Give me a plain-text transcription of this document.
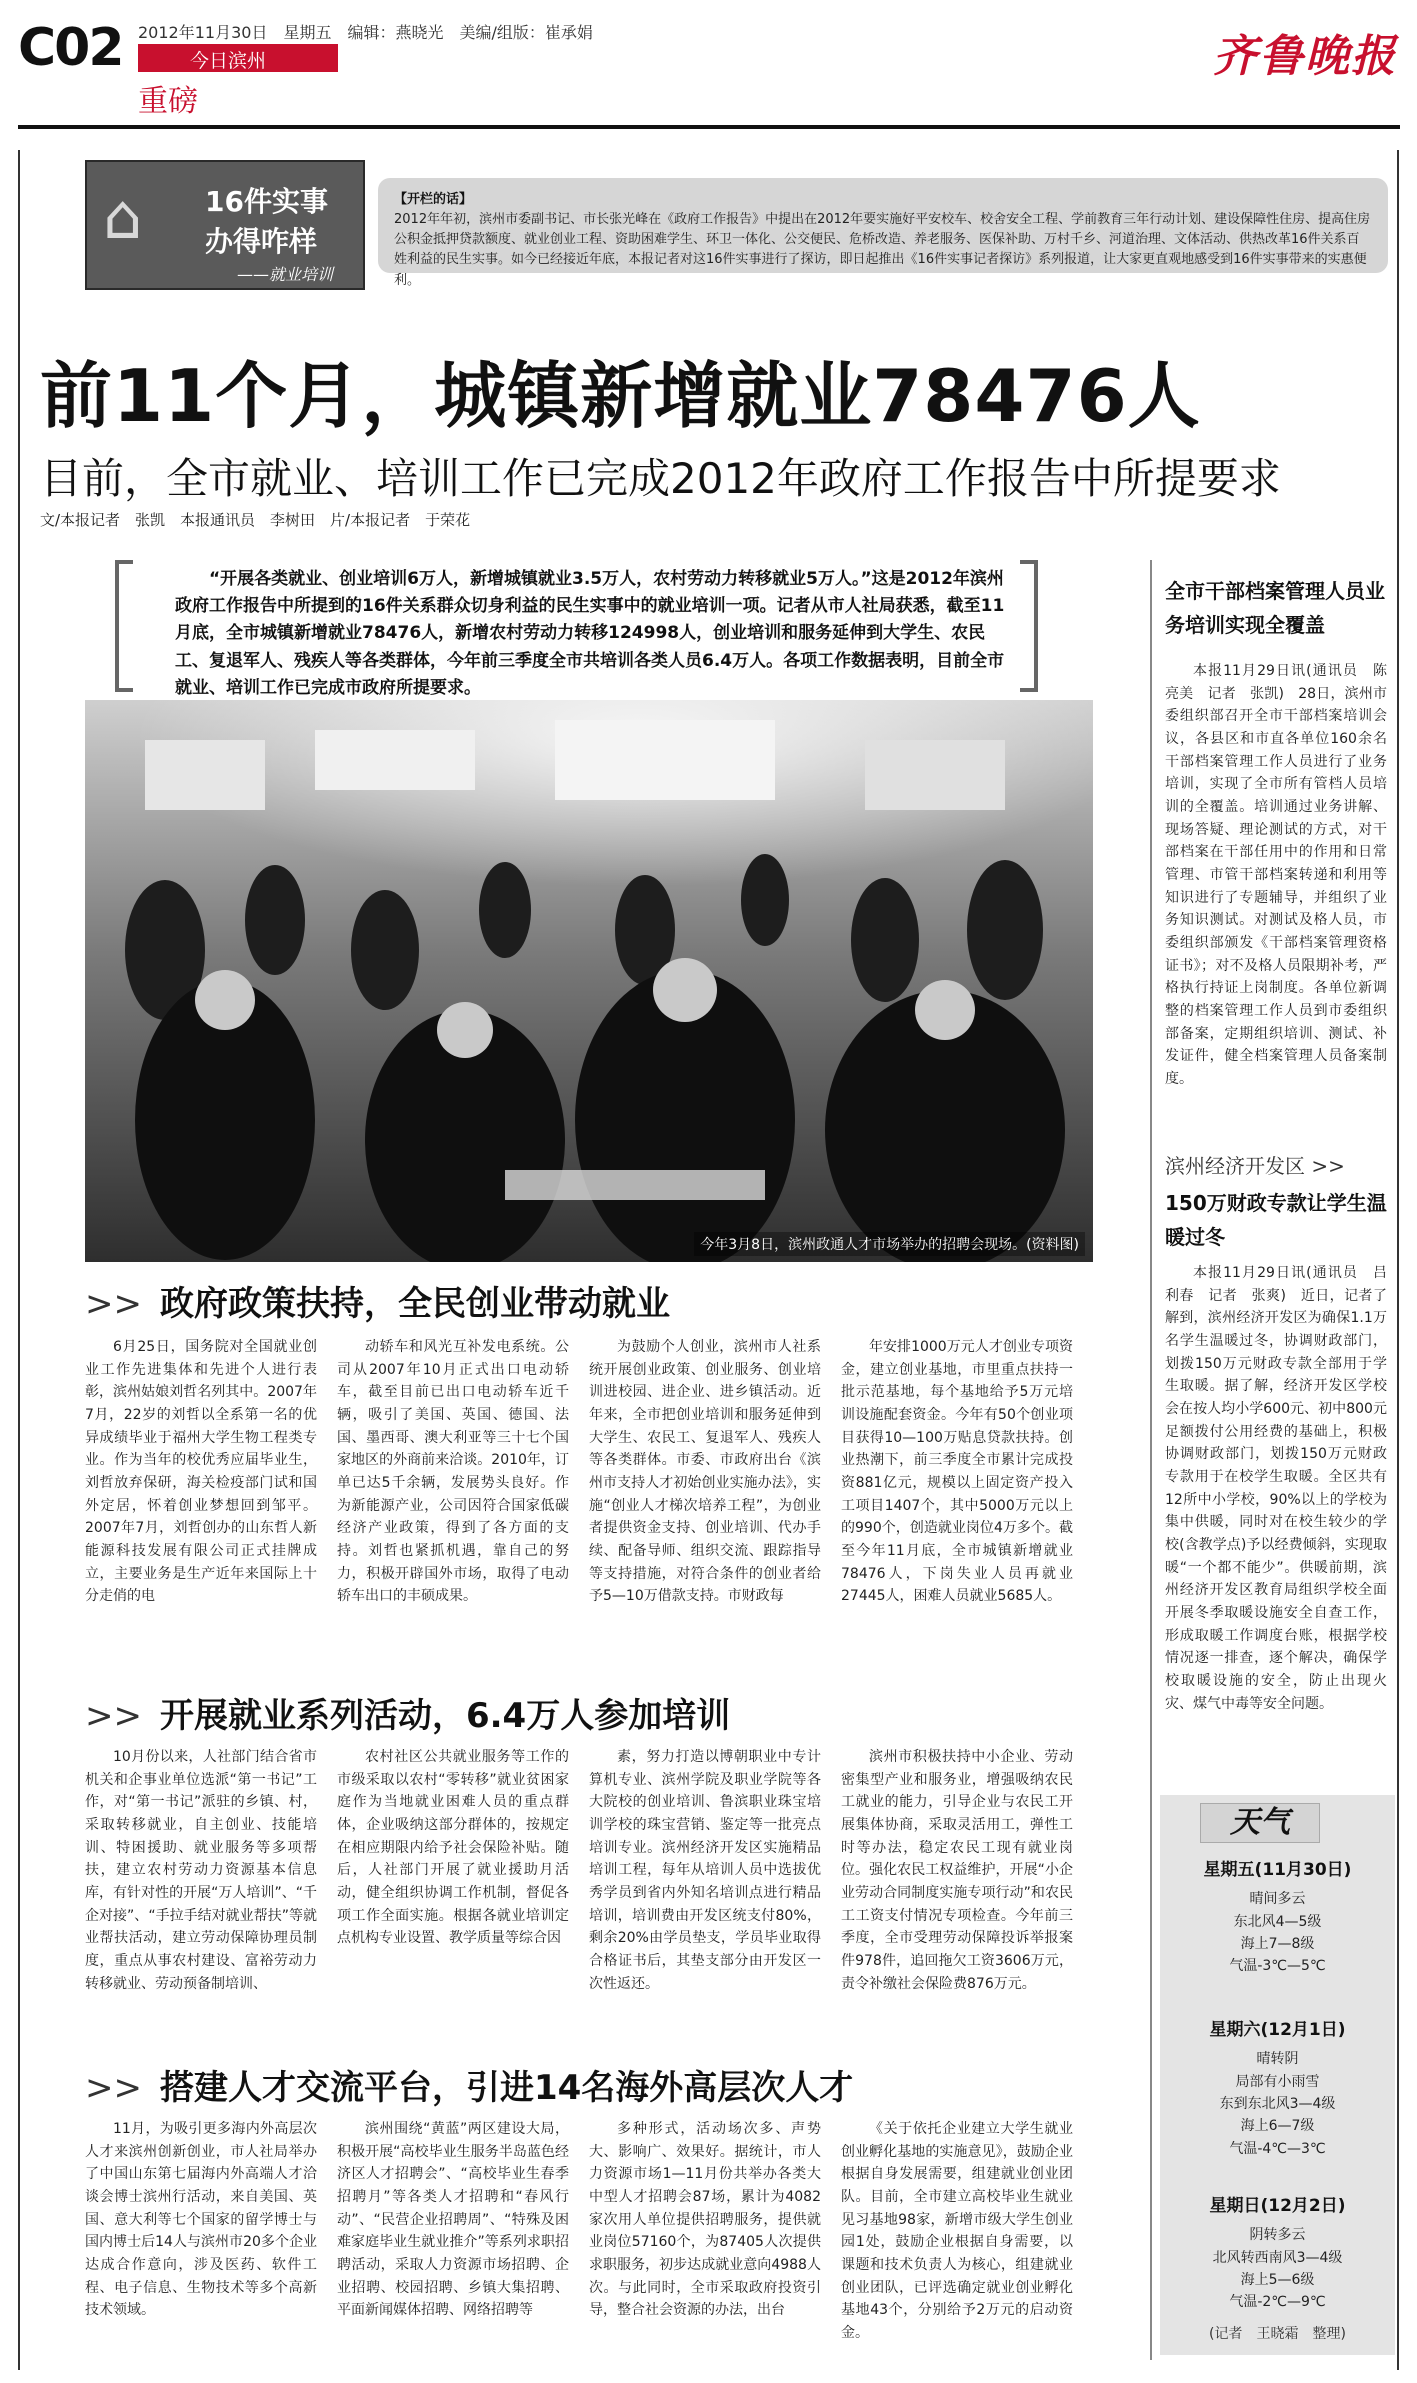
C02 2012年11月30日　星期五　编辑：燕晓光　美编/组版：崔承娟
今日滨州
重磅
齐鲁晚报
⌂ 16件实事
办得咋样
——就业培训
【开栏的话】
2012年年初，滨州市委副书记、市长张光峰在《政府工作报告》中提出在2012年要实施好平安校车、校舍安全工程、学前教育三年行动计划、建设保障性住房、提高住房公积金抵押贷款额度、就业创业工程、资助困难学生、环卫一体化、公交便民、危桥改造、养老服务、医保补助、万村千乡、河道治理、文体活动、供热改革16件关系百姓利益的民生实事。如今已经接近年底，本报记者对这16件实事进行了探访，即日起推出《16件实事记者探访》系列报道，让大家更直观地感受到16件实事带来的实惠便利。
前11个月，城镇新增就业78476人
目前，全市就业、培训工作已完成2012年政府工作报告中所提要求
文/本报记者　张凯　本报通讯员　李树田　片/本报记者　于荣花
“开展各类就业、创业培训6万人，新增城镇就业3.5万人，农村劳动力转移就业5万人。”这是2012年滨州政府工作报告中所提到的16件关系群众切身利益的民生实事中的就业培训一项。记者从市人社局获悉，截至11月底，全市城镇新增就业78476人，新增农村劳动力转移124998人，创业培训和服务延伸到大学生、农民工、复退军人、残疾人等各类群体，今年前三季度全市共培训各类人员6.4万人。各项工作数据表明，目前全市就业、培训工作已完成市政府所提要求。
今年3月8日，滨州政通人才市场举办的招聘会现场。(资料图)
>> 政府政策扶持，全民创业带动就业

6月25日，国务院对全国就业创业工作先进集体和先进个人进行表彰，滨州姑娘刘哲名列其中。2007年7月，22岁的刘哲以全系第一名的优异成绩毕业于福州大学生物工程类专业。作为当年的校优秀应届毕业生，刘哲放弃保研，海关检疫部门试和国外定居，怀着创业梦想回到邹平。2007年7月，刘哲创办的山东哲人新能源科技发展有限公司正式挂牌成立，主要业务是生产近年来国际上十分走俏的电

动轿车和风光互补发电系统。公司从2007年10月正式出口电动轿车，截至目前已出口电动轿车近千辆，吸引了美国、英国、德国、法国、墨西哥、澳大利亚等三十七个国家地区的外商前来洽谈。2010年，订单已达5千余辆，发展势头良好。作为新能源产业，公司因符合国家低碳经济产业政策，得到了各方面的支持。刘哲也紧抓机遇，靠自己的努力，积极开辟国外市场，取得了电动轿车出口的丰硕成果。

为鼓励个人创业，滨州市人社系统开展创业政策、创业服务、创业培训进校园、进企业、进乡镇活动。近年来，全市把创业培训和服务延伸到大学生、农民工、复退军人、残疾人等各类群体。市委、市政府出台《滨州市支持人才初始创业实施办法》，实施“创业人才梯次培养工程”，为创业者提供资金支持、创业培训、代办手续、配备导师、组织交流、跟踪指导等支持措施，对符合条件的创业者给予5—10万借款支持。市财政每

年安排1000万元人才创业专项资金，建立创业基地，市里重点扶持一批示范基地，每个基地给予5万元培训设施配套资金。今年有50个创业项目获得10—100万贴息贷款扶持。创业热潮下，前三季度全市累计完成投资881亿元，规模以上固定资产投入工项目1407个，其中5000万元以上的990个，创造就业岗位4万多个。截至今年11月底，全市城镇新增就业78476人，下岗失业人员再就业27445人，困难人员就业5685人。

>> 开展就业系列活动，6.4万人参加培训

10月份以来，人社部门结合省市机关和企事业单位选派“第一书记”工作，对“第一书记”派驻的乡镇、村，采取转移就业，自主创业、技能培训、特困援助、就业服务等多项帮扶，建立农村劳动力资源基本信息库，有针对性的开展“万人培训”、“千企对接”、“手拉手结对就业帮扶”等就业帮扶活动，建立劳动保障协理员制度，重点从事农村建设、富裕劳动力转移就业、劳动预备制培训、

农村社区公共就业服务等工作的市级采取以农村“零转移”就业贫困家庭作为当地就业困难人员的重点群体，企业吸纳这部分群体的，按规定在相应期限内给予社会保险补贴。随后，人社部门开展了就业援助月活动，健全组织协调工作机制，督促各项工作全面实施。根据各就业培训定点机构专业设置、教学质量等综合因

素，努力打造以博朝职业中专计算机专业、滨州学院及职业学院等各大院校的创业培训、鲁滨职业珠宝培训学校的珠宝营销、鉴定等一批亮点培训专业。滨州经济开发区实施精品培训工程，每年从培训人员中选拔优秀学员到省内外知名培训点进行精品培训，培训费由开发区统支付80%，剩余20%由学员垫支，学员毕业取得合格证书后，其垫支部分由开发区一次性返还。

滨州市积极扶持中小企业、劳动密集型产业和服务业，增强吸纳农民工就业的能力，引导企业与农民工开展集体协商，采取灵活用工，弹性工时等办法，稳定农民工现有就业岗位。强化农民工权益维护，开展“小企业劳动合同制度实施专项行动”和农民工工资支付情况专项检查。今年前三季度，全市受理劳动保障投诉举报案件978件，追回拖欠工资3606万元，责令补缴社会保险费876万元。

>> 搭建人才交流平台，引进14名海外高层次人才

11月，为吸引更多海内外高层次人才来滨州创新创业，市人社局举办了中国山东第七届海内外高端人才洽谈会博士滨州行活动，来自美国、英国、意大利等七个国家的留学博士与国内博士后14人与滨州市20多个企业达成合作意向，涉及医药、软件工程、电子信息、生物技术等多个高新技术领域。

滨州围绕“黄蓝”两区建设大局，积极开展“高校毕业生服务半岛蓝色经济区人才招聘会”、“高校毕业生春季招聘月”等各类人才招聘和“春风行动”、“民营企业招聘周”、“特殊及困难家庭毕业生就业推介”等系列求职招聘活动，采取人力资源市场招聘、企业招聘、校园招聘、乡镇大集招聘、平面新闻媒体招聘、网络招聘等

多种形式，活动场次多、声势大、影响广、效果好。据统计，市人力资源市场1—11月份共举办各类大中型人才招聘会87场，累计为4082家次用人单位提供招聘服务，提供就业岗位57160个，为87405人次提供求职服务，初步达成就业意向4988人次。与此同时，全市采取政府投资引导，整合社会资源的办法，出台

《关于依托企业建立大学生就业创业孵化基地的实施意见》，鼓励企业根据自身发展需要，组建就业创业团队。目前，全市建立高校毕业生就业见习基地98家，新增市级大学生创业园1处，鼓励企业根据自身需要，以课题和技术负责人为核心，组建就业创业团队，已评选确定就业创业孵化基地43个，分别给予2万元的启动资金。

全市干部档案管理人员业务培训实现全覆盖

本报11月29日讯(通讯员　陈亮美　记者　张凯)　28日，滨州市委组织部召开全市干部档案培训会议，各县区和市直各单位160余名干部档案管理工作人员进行了业务培训，实现了全市所有管档人员培训的全覆盖。培训通过业务讲解、现场答疑、理论测试的方式，对干部档案在干部任用中的作用和日常管理、市管干部档案转递和利用等知识进行了专题辅导，并组织了业务知识测试。对测试及格人员，市委组织部颁发《干部档案管理资格证书》；对不及格人员限期补考，严格执行持证上岗制度。各单位新调整的档案管理工作人员到市委组织部备案，定期组织培训、测试、补发证件，健全档案管理人员备案制度。

滨州经济开发区 >>
150万财政专款让学生温暖过冬

本报11月29日讯(通讯员　吕利春　记者　张爽)　近日，记者了解到，滨州经济开发区为确保1.1万名学生温暖过冬，协调财政部门，划拨150万元财政专款全部用于学生取暖。据了解，经济开发区学校会在按人均小学600元、初中800元足额拨付公用经费的基础上，积极协调财政部门，划拨150万元财政专款用于在校学生取暖。全区共有12所中小学校，90%以上的学校为集中供暖，同时对在校生较少的学校(含教学点)予以经费倾斜，实现取暖“一个都不能少”。供暖前期，滨州经济开发区教育局组织学校全面开展冬季取暖设施安全自查工作，形成取暖工作调度台账，根据学校情况逐一排查，逐个解决，确保学校取暖设施的安全，防止出现火灾、煤气中毒等安全问题。

天气
星期五(11月30日)
晴间多云
东北风4—5级
海上7—8级
气温-3℃—5℃
星期六(12月1日)
晴转阴
局部有小雨雪
东到东北风3—4级
海上6—7级
气温-4℃—3℃
星期日(12月2日)
阴转多云
北风转西南风3—4级
海上5—6级
气温-2℃—9℃
(记者　王晓霜　整理)
